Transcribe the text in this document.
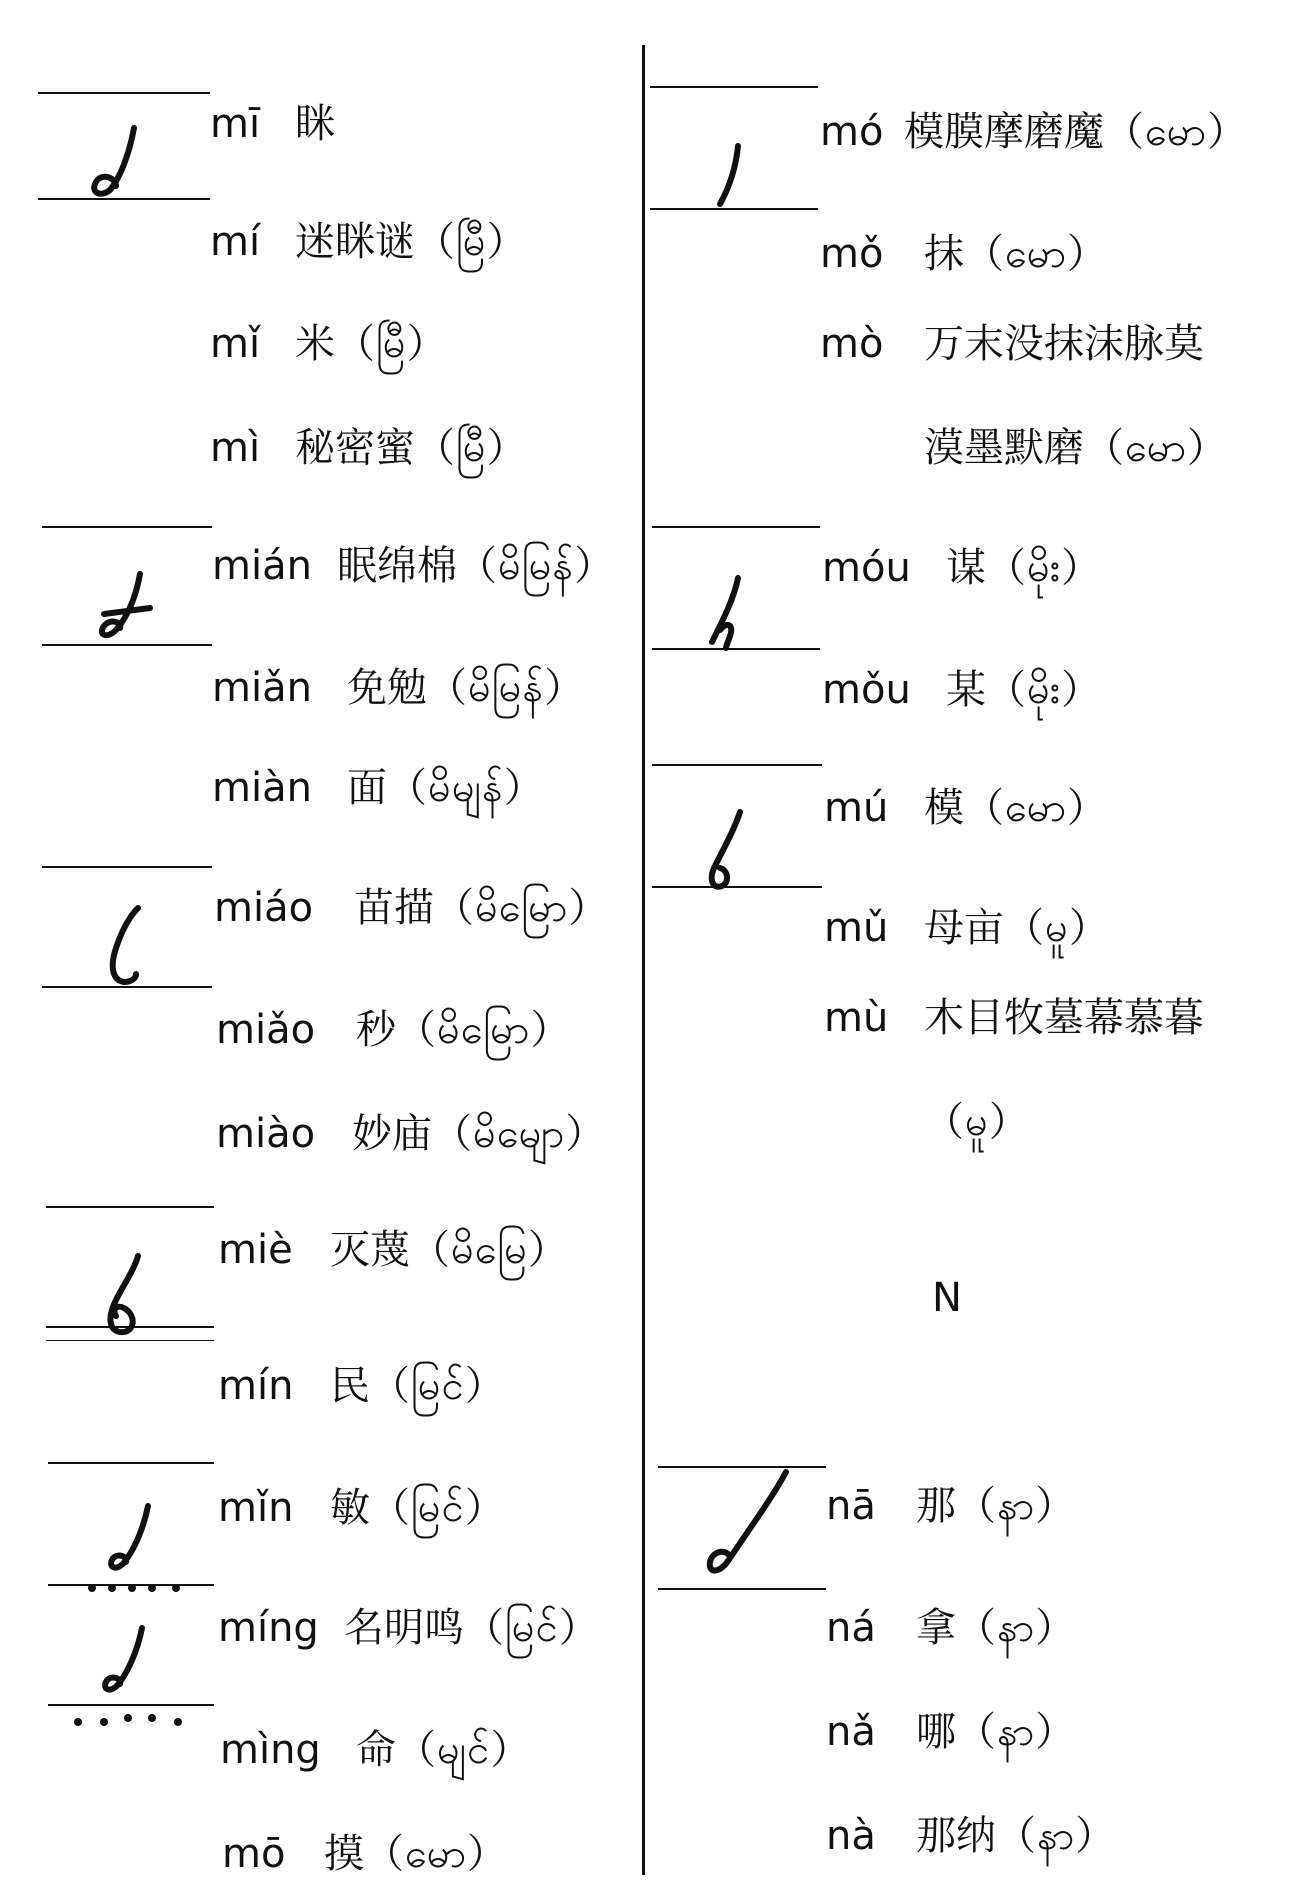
mī 眯
mí 迷眯谜（မြီ）
mǐ 米（မြီ）
mì 秘密蜜（မြီ）
mián 眠绵棉（မိမြန်）
miǎn 免勉（မိမြန်）
miàn 面（မိမျန်）
miáo 苗描（မိမြော）
miǎo 秒（မိမြော）
miào 妙庙（မိမျော）
miè 灭蔑（မိမြေ）
mín 民（မြင်）
mǐn 敏（မြင်）
míng 名明鸣（မြင်）
mìng 命（မျင်）
mō 摸（မော）
mó 模膜摩磨魔（မော）
mǒ 抹（မော）
mò 万末没抹沫脉莫
漠墨默磨（မော）
móu 谋（မိုး）
mǒu 某（မိုး）
mú 模（မော）
mǔ 母亩（မူ）
mù 木目牧墓幕慕暮
（မူ）
N
nā 那（နာ）
ná 拿（နာ）
nǎ 哪（နာ）
nà 那纳（နာ）
